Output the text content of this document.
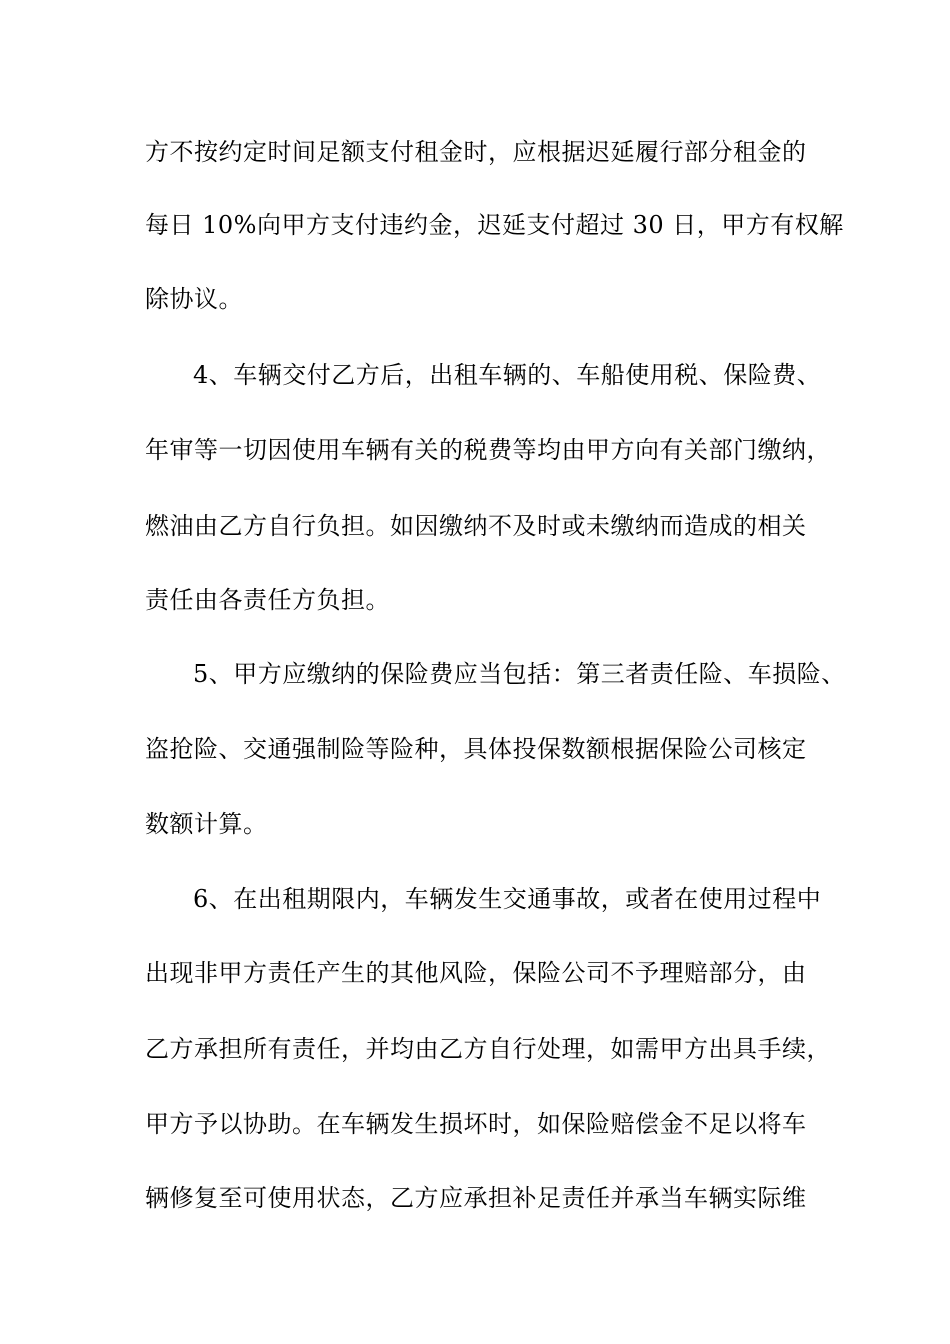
方不按约定时间足额支付租金时，应根据迟延履行部分租金的
每日 10%向甲方支付违约金，迟延支付超过 30 日，甲方有权解
除协议。
4、车辆交付乙方后，出租车辆的、车船使用税、保险费、
年审等一切因使用车辆有关的税费等均由甲方向有关部门缴纳，
燃油由乙方自行负担。如因缴纳不及时或未缴纳而造成的相关
责任由各责任方负担。
5、甲方应缴纳的保险费应当包括：第三者责任险、车损险、
盗抢险、交通强制险等险种，具体投保数额根据保险公司核定
数额计算。
6、在出租期限内，车辆发生交通事故，或者在使用过程中
出现非甲方责任产生的其他风险，保险公司不予理赔部分，由
乙方承担所有责任，并均由乙方自行处理，如需甲方出具手续，
甲方予以协助。在车辆发生损坏时，如保险赔偿金不足以将车
辆修复至可使用状态，乙方应承担补足责任并承当车辆实际维
